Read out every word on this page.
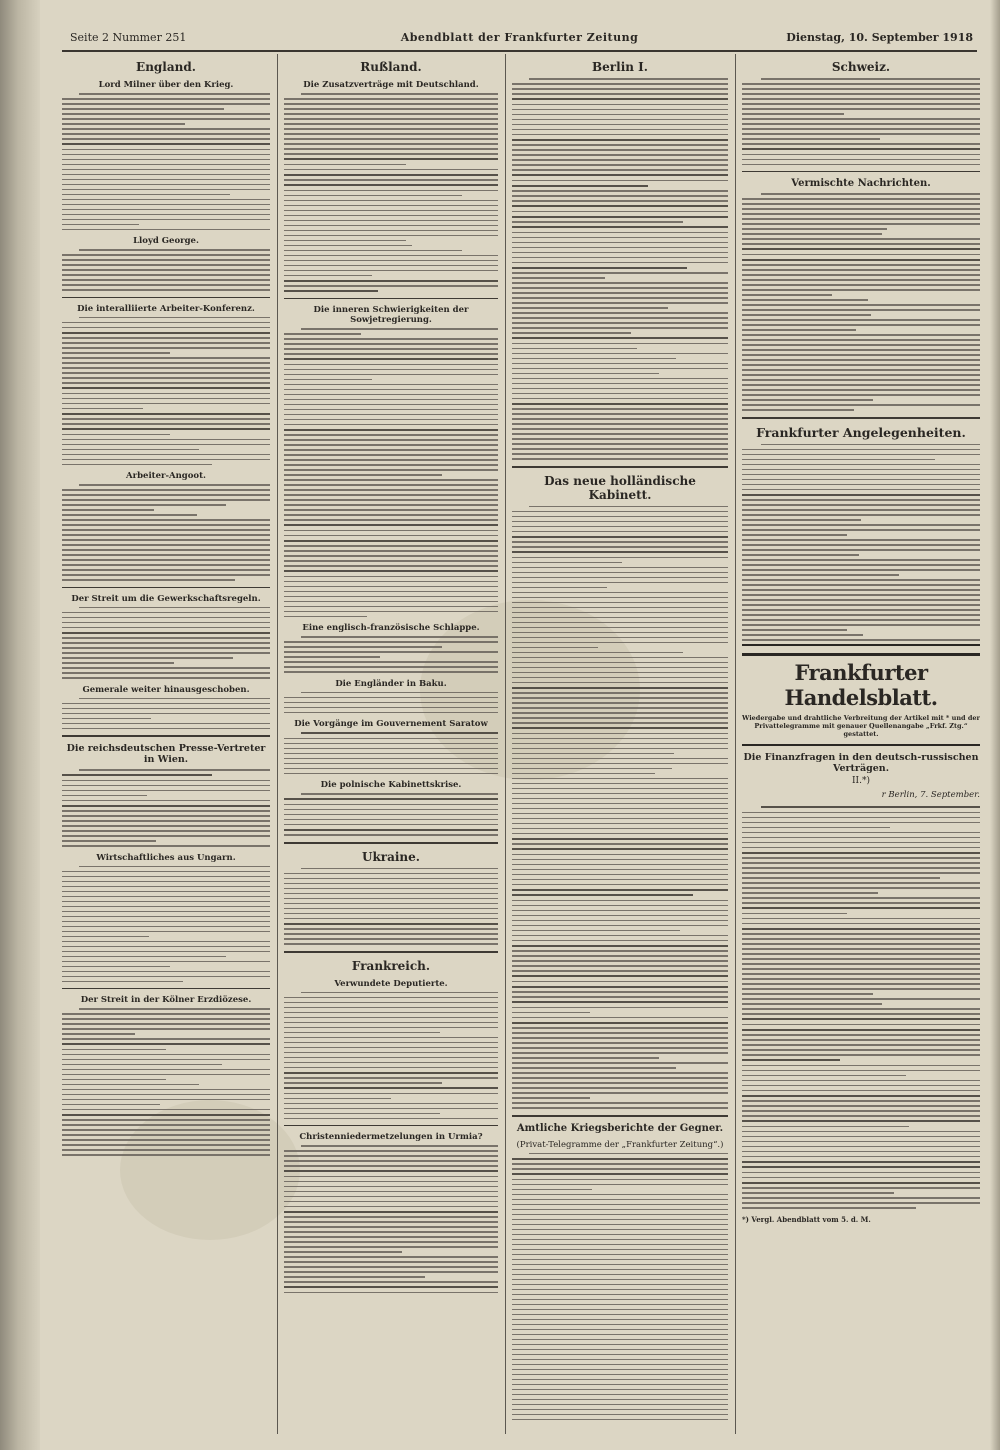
Seite 2 Nummer 251	Abendblatt der Frankfurter Zeitung	Dienstag, 10. September 1918
England.
Lord Milner über den Krieg.
Lloyd George.
Die interalliierte Arbeiter-Konferenz.
Arbeiter-Angoot.
Der Streit um die Gewerkschaftsregeln.
Gemerale weiter hinausgeschoben.
Die reichsdeutschen Presse-Vertreter in Wien.
Wirtschaftliches aus Ungarn.
Der Streit in der Kölner Erzdiözese.
Rußland.
Die Zusatzverträge mit Deutschland.
Die inneren Schwierigkeiten der Sowjetregierung.
Eine englisch-französische Schlappe.
Die Engländer in Baku.
Die Vorgänge im Gouvernement Saratow
Die polnische Kabinettskrise.
Ukraine.
Frankreich.
Verwundete Deputierte.
Christenniedermetzelungen in Urmia?
Berlin I.
Das neue holländische Kabinett.
Amtliche Kriegsberichte der Gegner.
(Privat-Telegramme der „Frankfurter Zeitung“.)
Schweiz.
Vermischte Nachrichten.
Frankfurter Angelegenheiten.
Frankfurter Handelsblatt.
Wiedergabe und drahtliche Verbreitung der Artikel mit * und der Privattelegramme mit genauer Quellenangabe „Frkf. Ztg.“ gestattet.
Die Finanzfragen in den deutsch-russischen Verträgen.
II.*)
r Berlin, 7. September.
*) Vergl. Abendblatt vom 5. d. M.
